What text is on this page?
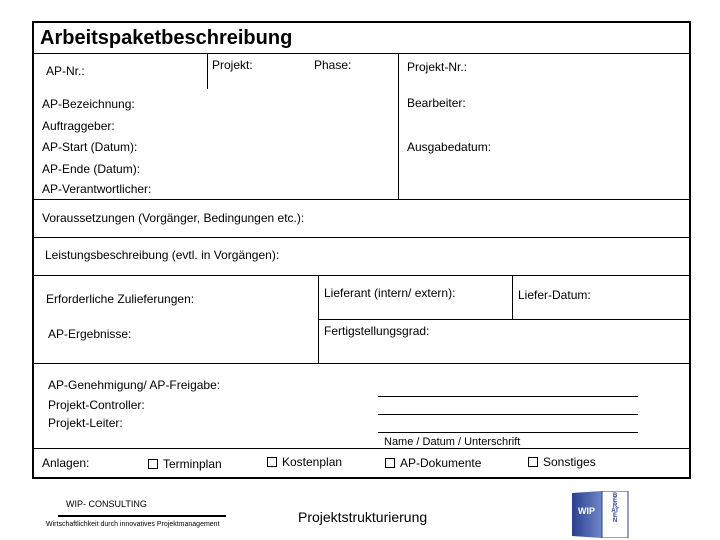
Arbeitspaketbeschreibung
AP-Nr.:	Projekt:	Phase:	Projekt-Nr.:
AP-Bezeichnung:	Bearbeiter:
Auftraggeber:
AP-Start (Datum):	Ausgabedatum:
AP-Ende (Datum):
AP-Verantwortlicher:
Voraussetzungen (Vorgänger, Bedingungen etc.):
Leistungsbeschreibung (evtl. in Vorgängen):
Erforderliche Zulieferungen:	Lieferant (intern/ extern):	Liefer-Datum:
AP-Ergebnisse:	Fertigstellungsgrad:
AP-Genehmigung/ AP-Freigabe:
Projekt-Controller:
Projekt-Leiter:
Name / Datum / Unterschrift
Anlagen:	Terminplan	Kostenplan	AP-Dokumente	Sonstiges
WIP- CONSULTING
Wirtschaftlichkeit durch innovatives Projektmanagement	Projektstrukturierung	WIP
BERATEN
